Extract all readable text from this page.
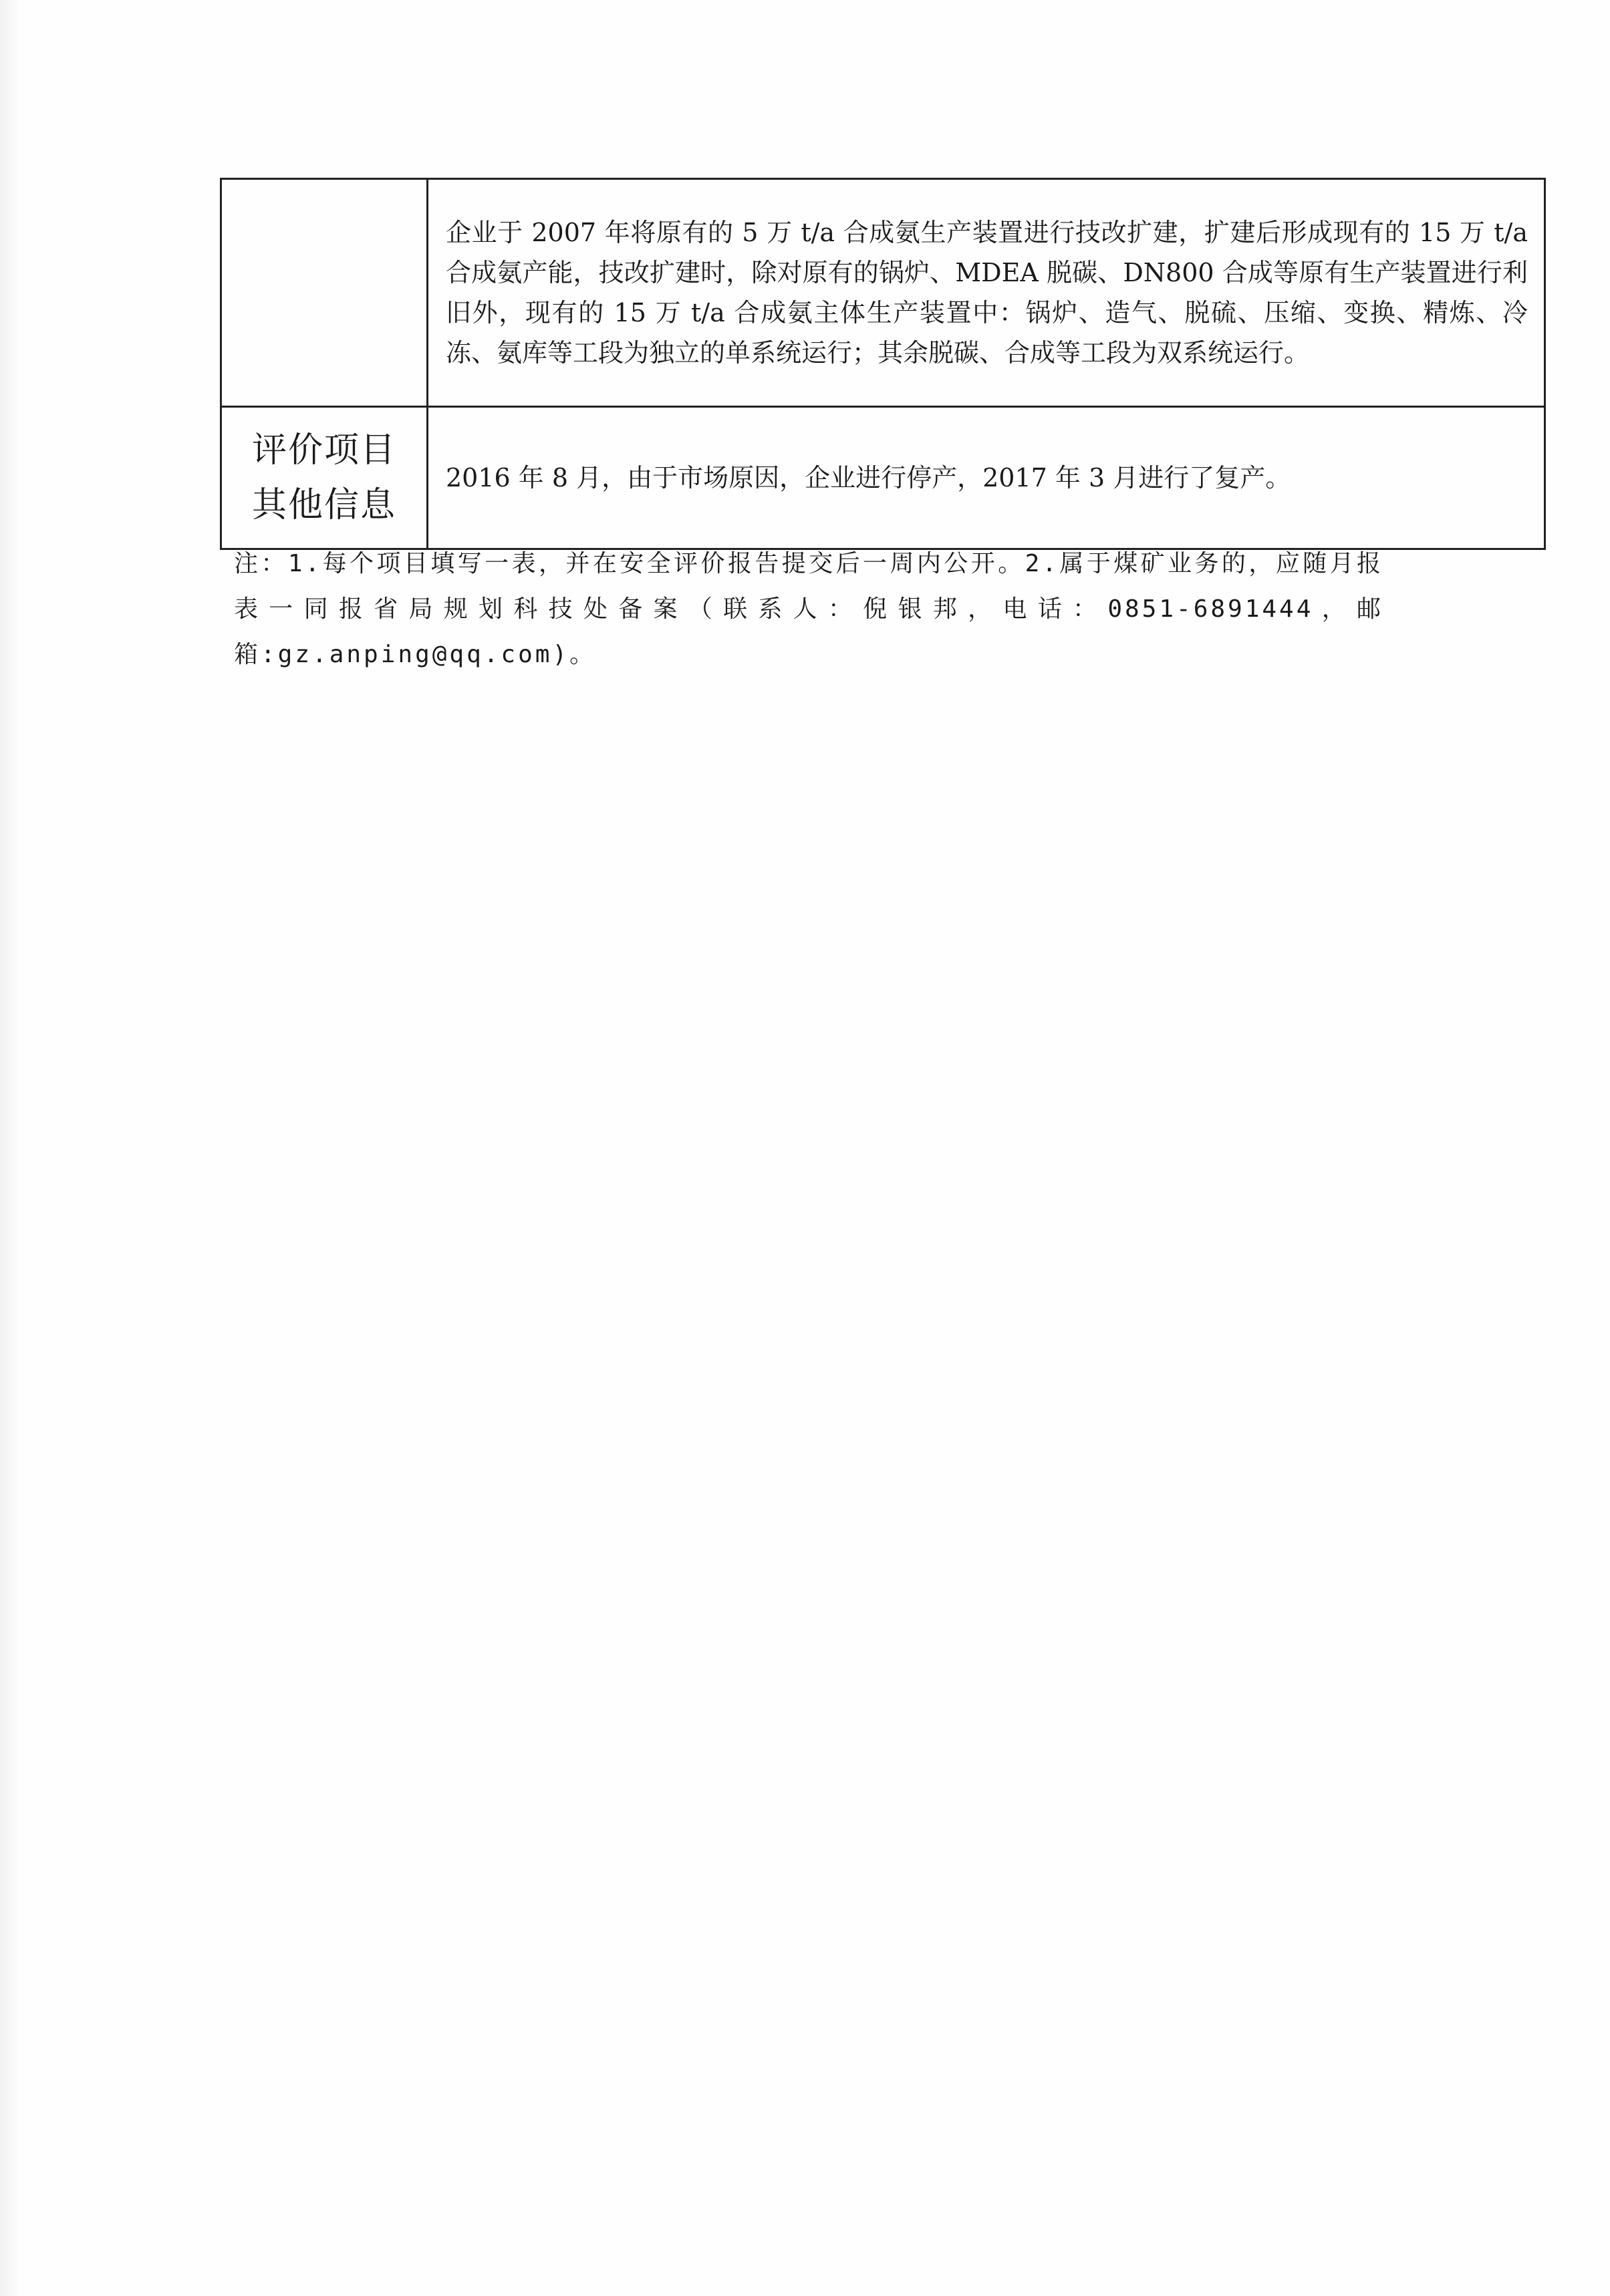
	企业于 2007 年将原有的 5 万 t/a 合成氨生产装置进行技改扩建，扩建后形成现有的 15 万 t/a 合成氨产能，技改扩建时，除对原有的锅炉、MDEA 脱碳、DN800 合成等原有生产装置进行利旧外，现有的 15 万 t/a 合成氨主体生产装置中：锅炉、造气、脱硫、压缩、变换、精炼、冷冻、氨库等工段为独立的单系统运行；其余脱碳、合成等工段为双系统运行。

评价项目
其他信息	2016 年 8 月，由于市场原因，企业进行停产，2017 年 3 月进行了复产。
注：1.每个项目填写一表，并在安全评价报告提交后一周内公开。2.属于煤矿业务的，应随月报表一同报省局规划科技处备案（联系人：倪银邦，电话：0851-6891444，邮箱:gz.anping@qq.com)。
